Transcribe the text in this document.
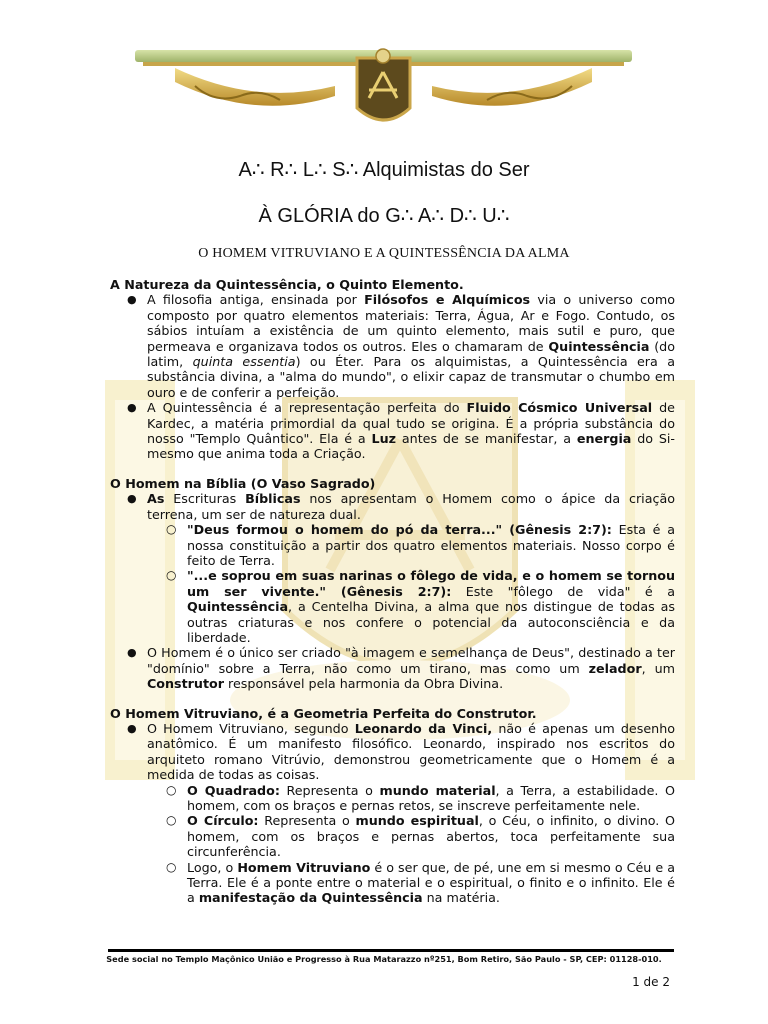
A∴ R∴ L∴ S∴ Alquimistas do Ser
À GLÓRIA do G∴ A∴ D∴ U∴
O HOMEM VITRUVIANO E A QUINTESSÊNCIA DA ALMA

A Natureza da Quintessência, o Quinto Elemento.

● A filosofia antiga, ensinada por Filósofos e Alquímicos via o universo como composto por quatro elementos materiais: Terra, Água, Ar e Fogo. Contudo, os sábios intuíam a existência de um quinto elemento, mais sutil e puro, que permeava e organizava todos os outros. Eles o chamaram de Quintessência (do latim, quinta essentia) ou Éter. Para os alquimistas, a Quintessência era a substância divina, a "alma do mundo", o elixir capaz de transmutar o chumbo em ouro e de conferir a perfeição.
● A Quintessência é a representação perfeita do Fluido Cósmico Universal de Kardec, a matéria primordial da qual tudo se origina. É a própria substância do nosso "Templo Quântico". Ela é a Luz antes de se manifestar, a energia do Si-mesmo que anima toda a Criação.

O Homem na Bíblia (O Vaso Sagrado)

● As Escrituras Bíblicas nos apresentam o Homem como o ápice da criação terrena, um ser de natureza dual.
○ "Deus formou o homem do pó da terra..." (Gênesis 2:7): Esta é a nossa constituição a partir dos quatro elementos materiais. Nosso corpo é feito de Terra.
○ "...e soprou em suas narinas o fôlego de vida, e o homem se tornou um ser vivente." (Gênesis 2:7): Este "fôlego de vida" é a Quintessência, a Centelha Divina, a alma que nos distingue de todas as outras criaturas e nos confere o potencial da autoconsciência e da liberdade.
● O Homem é o único ser criado "à imagem e semelhança de Deus", destinado a ter "domínio" sobre a Terra, não como um tirano, mas como um zelador, um Construtor responsável pela harmonia da Obra Divina.

O Homem Vitruviano, é a Geometria Perfeita do Construtor.

● O Homem Vitruviano, segundo Leonardo da Vinci, não é apenas um desenho anatômico. É um manifesto filosófico. Leonardo, inspirado nos escritos do arquiteto romano Vitrúvio, demonstrou geometricamente que o Homem é a medida de todas as coisas.
○ O Quadrado: Representa o mundo material, a Terra, a estabilidade. O homem, com os braços e pernas retos, se inscreve perfeitamente nele.
○ O Círculo: Representa o mundo espiritual, o Céu, o infinito, o divino. O homem, com os braços e pernas abertos, toca perfeitamente sua circunferência.
○ Logo, o Homem Vitruviano é o ser que, de pé, une em si mesmo o Céu e a Terra. Ele é a ponte entre o material e o espiritual, o finito e o infinito. Ele é a manifestação da Quintessência na matéria.
Sede social no Templo Maçônico União e Progresso à Rua Matarazzo nº251, Bom Retiro, São Paulo - SP, CEP: 01128-010.
1 de 2
